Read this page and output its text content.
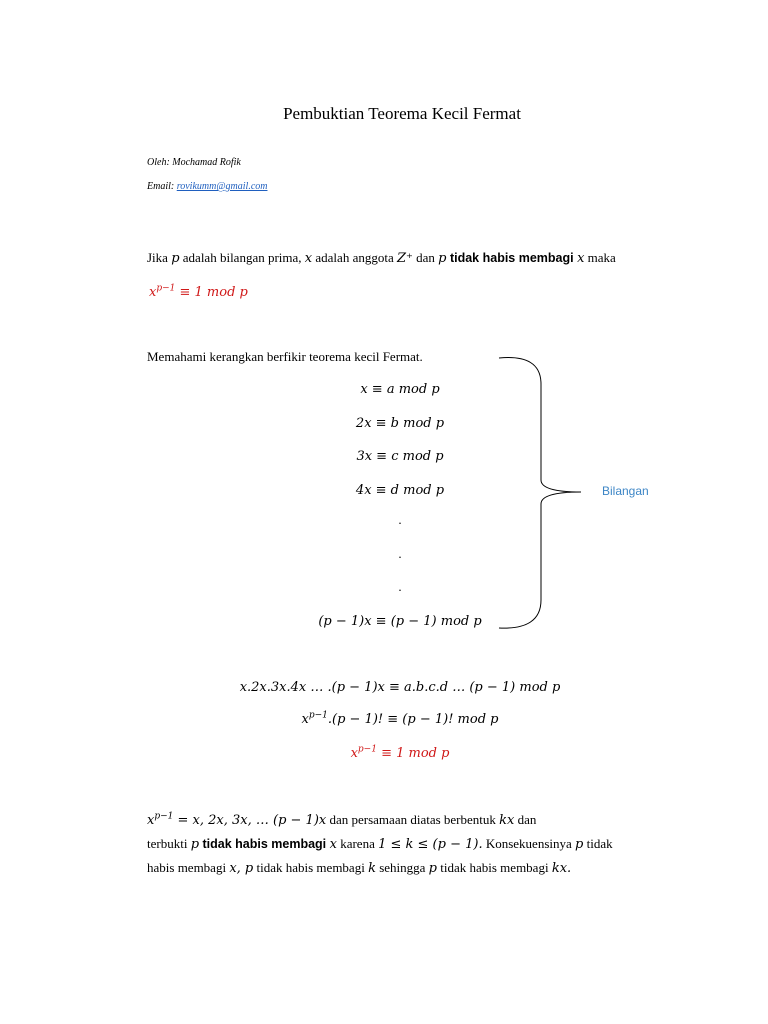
Pembuktian Teorema Kecil Fermat
Oleh: Mochamad Rofik
Email: rovikumm@gmail.com
Jika p adalah bilangan prima, x adalah anggota Z⁺ dan p tidak habis membagi x maka
$x^{p-1} \equiv 1$ mod p
Memahami kerangkan berfikir teorema kecil Fermat.
x ≡ a mod p
2x ≡ b mod p
3x ≡ c mod p
4x ≡ d mod p
.
.
.
(p − 1)x ≡ (p − 1) mod p
Bilangan
x.2x.3x.4x … .(p − 1)x ≡ a.b.c.d … (p − 1) mod p
$x^{p-1}.(p - 1)$! ≡ (p − 1)! mod p
$x^{p-1} \equiv 1$ mod p
$x^{p-1} = x$, 2x, 3x, … (p − 1)x dan persamaan diatas berbentuk kx dan
terbukti p tidak habis membagi x karena 1 ≤ k ≤ (p − 1). Konsekuensinya p tidak
habis membagi x, p tidak habis membagi k sehingga p tidak habis membagi kx.
